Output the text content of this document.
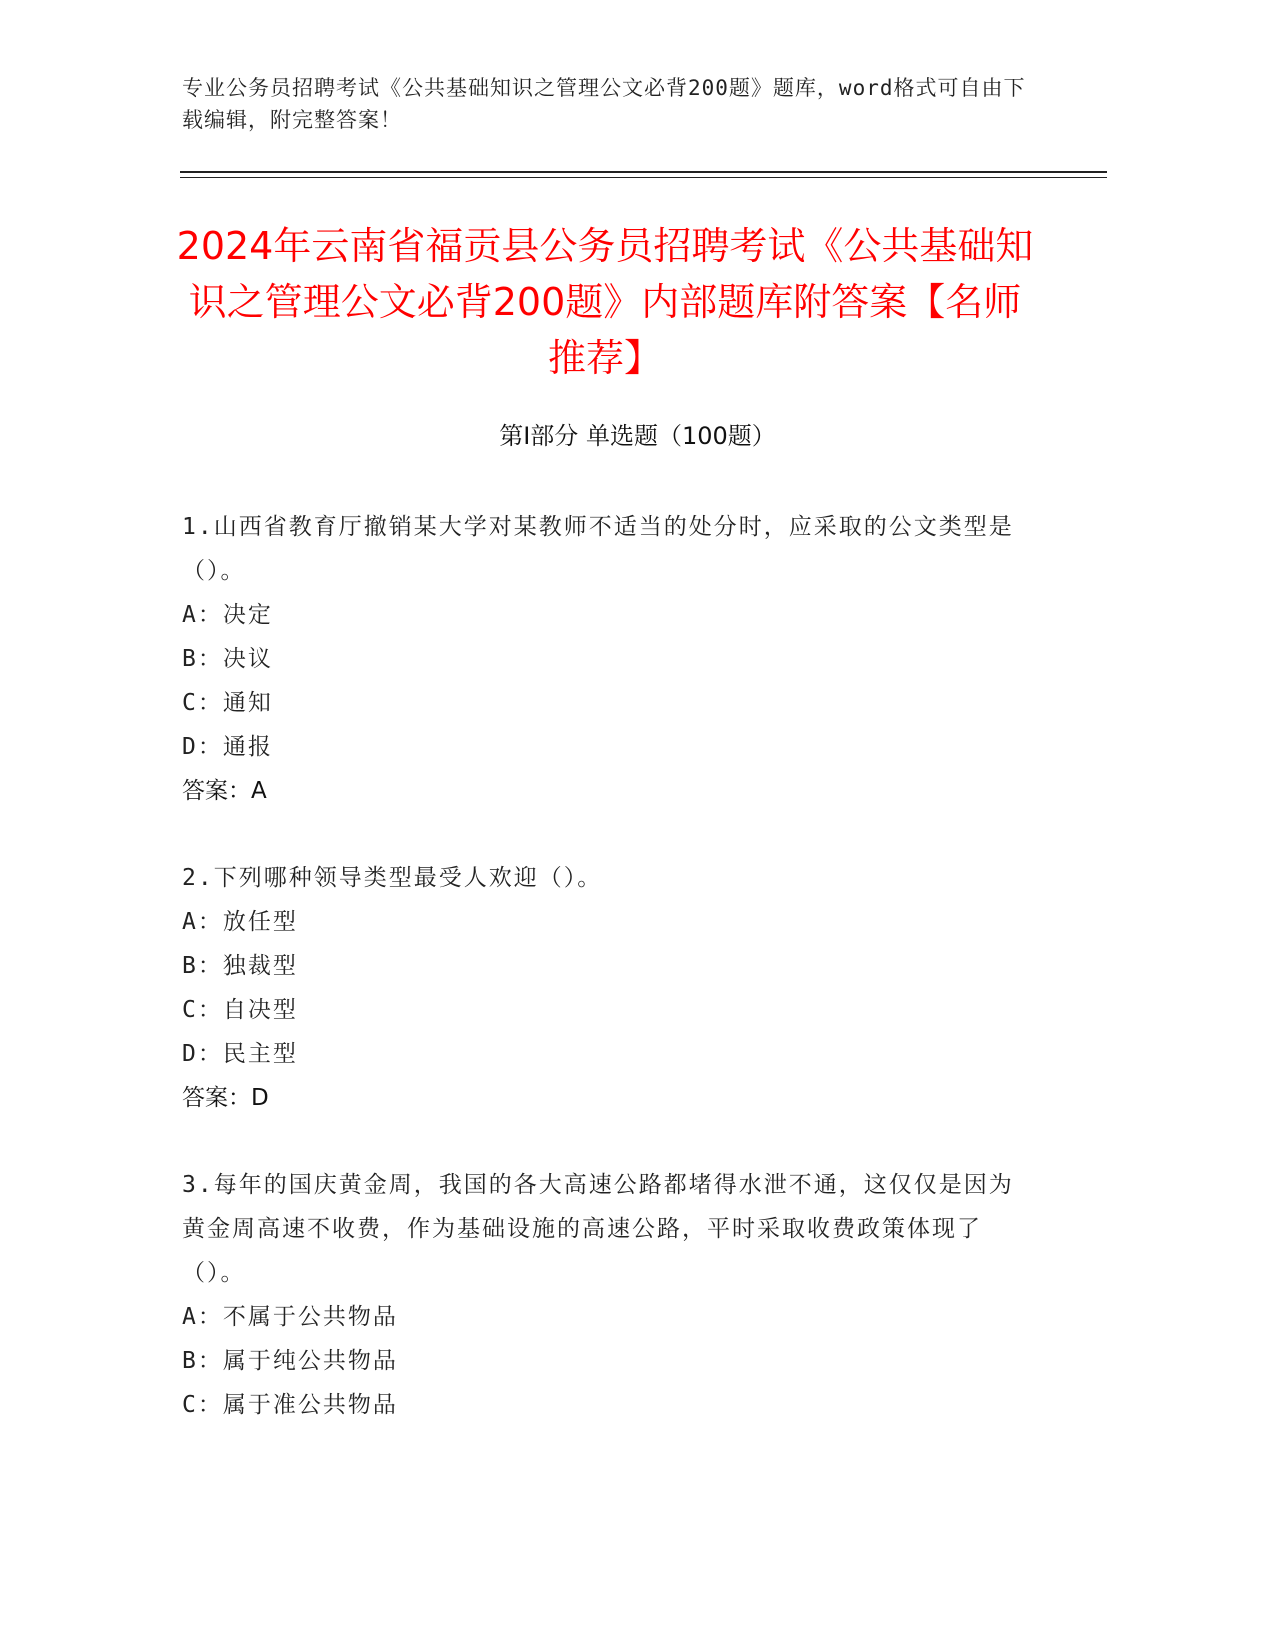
专业公务员招聘考试《公共基础知识之管理公文必背200题》题库，word格式可自由下载编辑，附完整答案！
2024年云南省福贡县公务员招聘考试《公共基础知识之管理公文必背200题》内部题库附答案【名师推荐】
第Ⅰ部分 单选题（100题）
1.山西省教育厅撤销某大学对某教师不适当的处分时，应采取的公文类型是（）。
A：决定
B：决议
C：通知
D：通报
答案：A
2.下列哪种领导类型最受人欢迎（）。
A：放任型
B：独裁型
C：自决型
D：民主型
答案：D
3.每年的国庆黄金周，我国的各大高速公路都堵得水泄不通，这仅仅是因为黄金周高速不收费，作为基础设施的高速公路，平时采取收费政策体现了（）。
A：不属于公共物品
B：属于纯公共物品
C：属于准公共物品
